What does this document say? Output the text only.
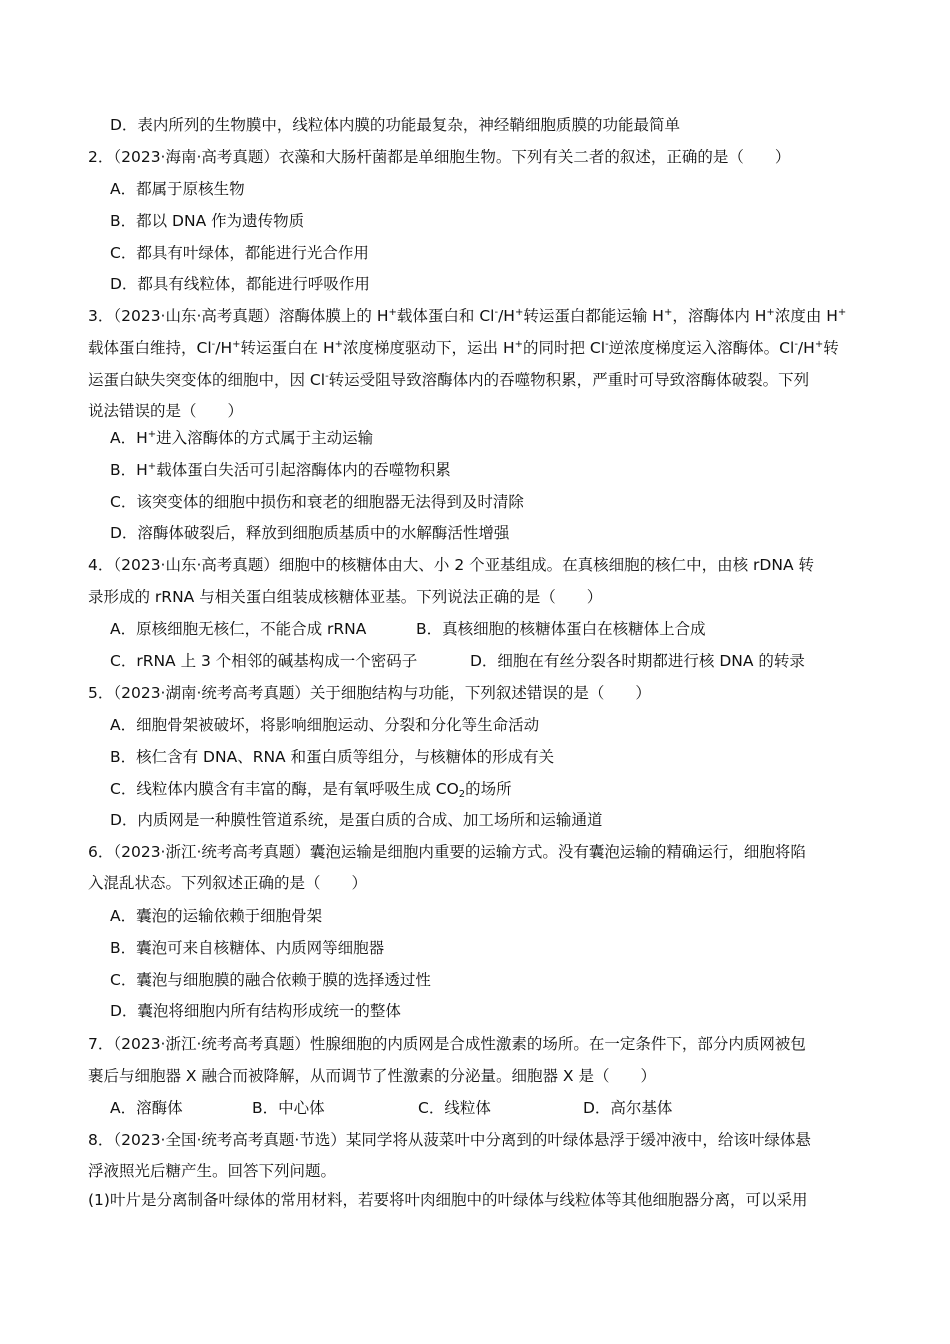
D．表内所列的生物膜中，线粒体内膜的功能最复杂，神经鞘细胞质膜的功能最简单
2．（2023·海南·高考真题）衣藻和大肠杆菌都是单细胞生物。下列有关二者的叙述，正确的是（　　）
A．都属于原核生物
B．都以 DNA 作为遗传物质
C．都具有叶绿体，都能进行光合作用
D．都具有线粒体，都能进行呼吸作用
3．（2023·山东·高考真题）溶酶体膜上的 H+载体蛋白和 Cl-/H+转运蛋白都能运输 H+，溶酶体内 H+浓度由 H+
载体蛋白维持，Cl-/H+转运蛋白在 H+浓度梯度驱动下，运出 H+的同时把 Cl-逆浓度梯度运入溶酶体。Cl-/H+转
运蛋白缺失突变体的细胞中，因 Cl-转运受阻导致溶酶体内的吞噬物积累，严重时可导致溶酶体破裂。下列
说法错误的是（　　）
A．H+进入溶酶体的方式属于主动运输
B．H+载体蛋白失活可引起溶酶体内的吞噬物积累
C．该突变体的细胞中损伤和衰老的细胞器无法得到及时清除
D．溶酶体破裂后，释放到细胞质基质中的水解酶活性增强
4．（2023·山东·高考真题）细胞中的核糖体由大、小 2 个亚基组成。在真核细胞的核仁中，由核 rDNA 转
录形成的 rRNA 与相关蛋白组装成核糖体亚基。下列说法正确的是（　　）
A．原核细胞无核仁，不能合成 rRNA	B．真核细胞的核糖体蛋白在核糖体上合成
C．rRNA 上 3 个相邻的碱基构成一个密码子	D．细胞在有丝分裂各时期都进行核 DNA 的转录
5．（2023·湖南·统考高考真题）关于细胞结构与功能，下列叙述错误的是（　　）
A．细胞骨架被破坏，将影响细胞运动、分裂和分化等生命活动
B．核仁含有 DNA、RNA 和蛋白质等组分，与核糖体的形成有关
C．线粒体内膜含有丰富的酶，是有氧呼吸生成 $CO_2$的场所
D．内质网是一种膜性管道系统，是蛋白质的合成、加工场所和运输通道
6．（2023·浙江·统考高考真题）囊泡运输是细胞内重要的运输方式。没有囊泡运输的精确运行，细胞将陷
入混乱状态。下列叙述正确的是（　　）
A．囊泡的运输依赖于细胞骨架
B．囊泡可来自核糖体、内质网等细胞器
C．囊泡与细胞膜的融合依赖于膜的选择透过性
D．囊泡将细胞内所有结构形成统一的整体
7．（2023·浙江·统考高考真题）性腺细胞的内质网是合成性激素的场所。在一定条件下，部分内质网被包
裹后与细胞器 X 融合而被降解，从而调节了性激素的分泌量。细胞器 X 是（　　）
A．溶酶体	B．中心体	C．线粒体	D．高尔基体
8．（2023·全国·统考高考真题·节选）某同学将从菠菜叶中分离到的叶绿体悬浮于缓冲液中，给该叶绿体悬
浮液照光后糖产生。回答下列问题。
(1)叶片是分离制备叶绿体的常用材料，若要将叶肉细胞中的叶绿体与线粒体等其他细胞器分离，可以采用
